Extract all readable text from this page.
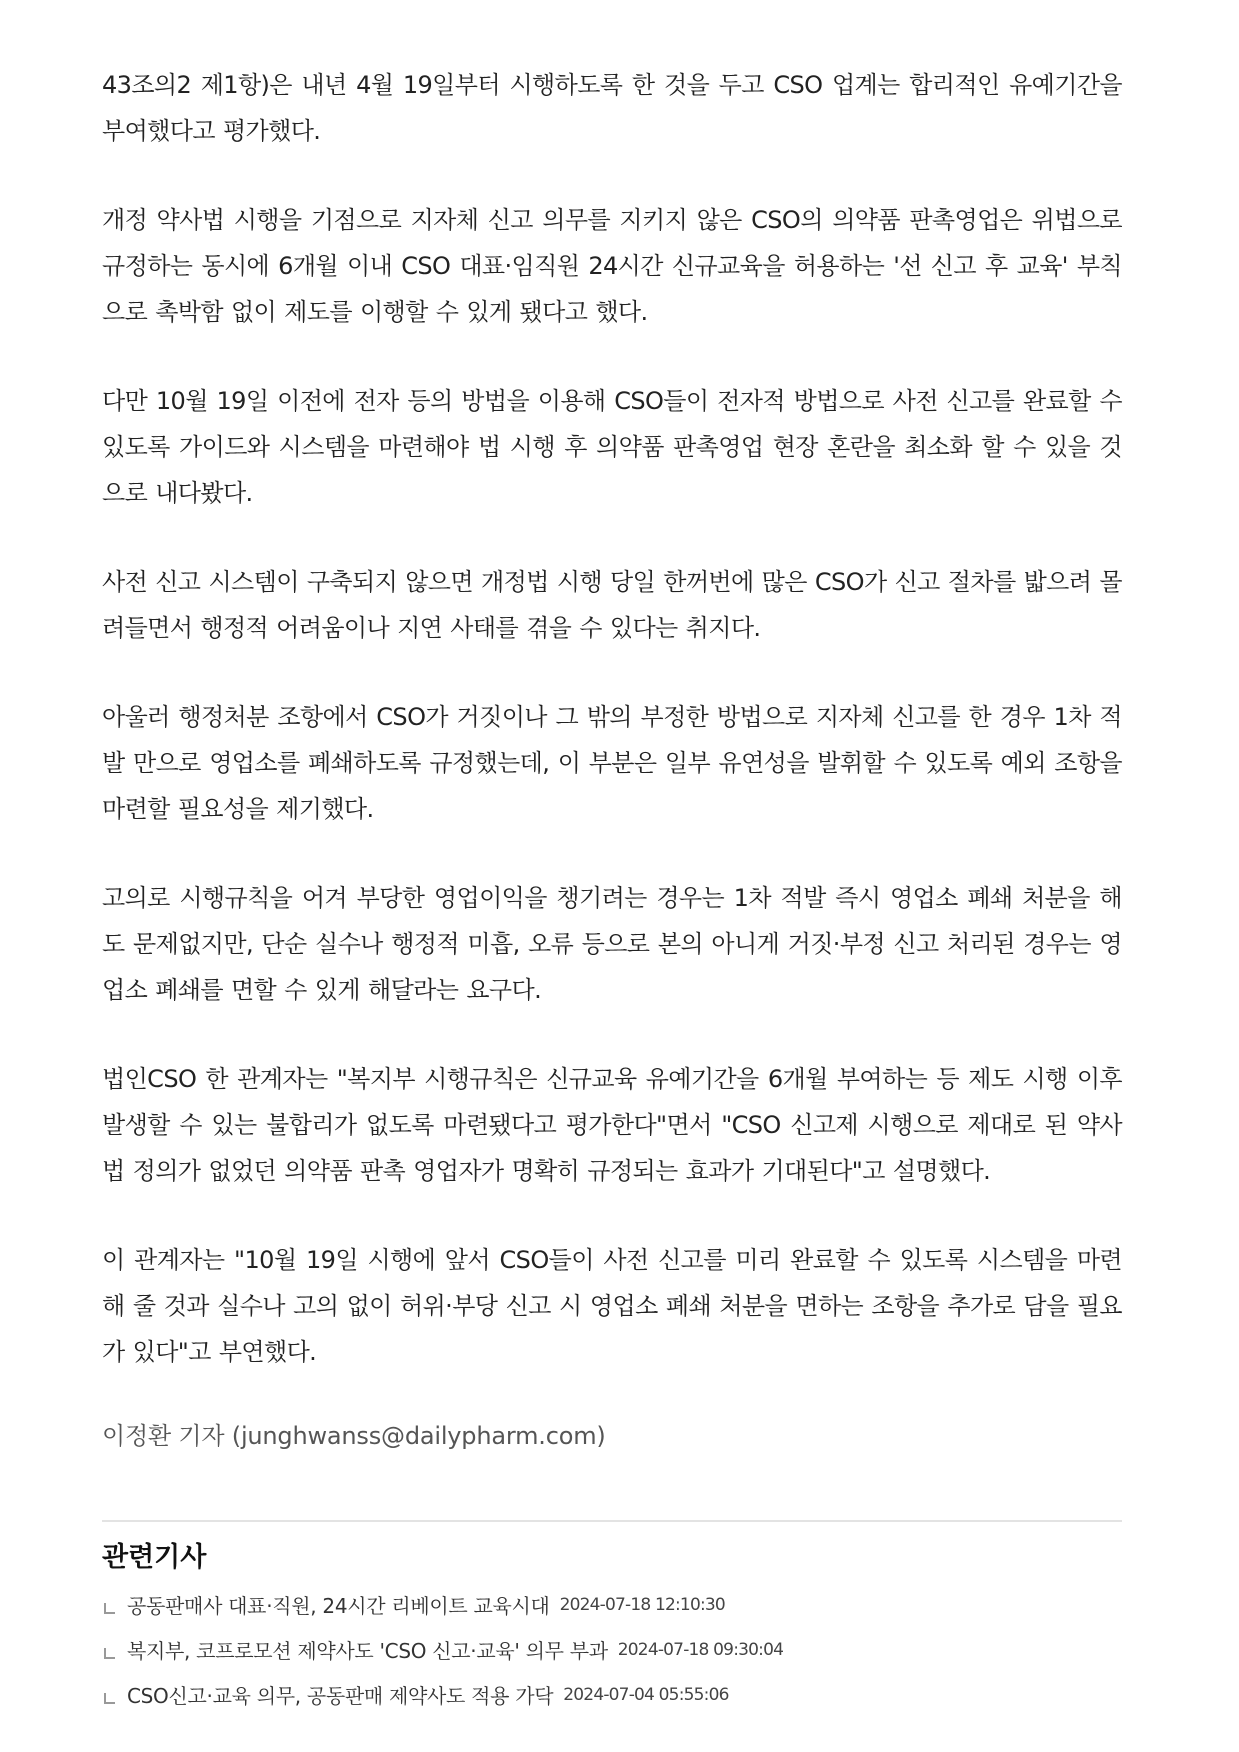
43조의2 제1항)은 내년 4월 19일부터 시행하도록 한 것을 두고 CSO 업계는 합리적인 유예기간을 부여했다고 평가했다.

개정 약사법 시행을 기점으로 지자체 신고 의무를 지키지 않은 CSO의 의약품 판촉영업은 위법으로 규정하는 동시에 6개월 이내 CSO 대표·임직원 24시간 신규교육을 허용하는 '선 신고 후 교육' 부칙으로 촉박함 없이 제도를 이행할 수 있게 됐다고 했다.

다만 10월 19일 이전에 전자 등의 방법을 이용해 CSO들이 전자적 방법으로 사전 신고를 완료할 수 있도록 가이드와 시스템을 마련해야 법 시행 후 의약품 판촉영업 현장 혼란을 최소화 할 수 있을 것으로 내다봤다.

사전 신고 시스템이 구축되지 않으면 개정법 시행 당일 한꺼번에 많은 CSO가 신고 절차를 밟으려 몰려들면서 행정적 어려움이나 지연 사태를 겪을 수 있다는 취지다.

아울러 행정처분 조항에서 CSO가 거짓이나 그 밖의 부정한 방법으로 지자체 신고를 한 경우 1차 적발 만으로 영업소를 폐쇄하도록 규정했는데, 이 부분은 일부 유연성을 발휘할 수 있도록 예외 조항을 마련할 필요성을 제기했다.

고의로 시행규칙을 어겨 부당한 영업이익을 챙기려는 경우는 1차 적발 즉시 영업소 폐쇄 처분을 해도 문제없지만, 단순 실수나 행정적 미흡, 오류 등으로 본의 아니게 거짓·부정 신고 처리된 경우는 영업소 폐쇄를 면할 수 있게 해달라는 요구다.

법인CSO 한 관계자는 "복지부 시행규칙은 신규교육 유예기간을 6개월 부여하는 등 제도 시행 이후 발생할 수 있는 불합리가 없도록 마련됐다고 평가한다"면서 "CSO 신고제 시행으로 제대로 된 약사법 정의가 없었던 의약품 판촉 영업자가 명확히 규정되는 효과가 기대된다"고 설명했다.

이 관계자는 "10월 19일 시행에 앞서 CSO들이 사전 신고를 미리 완료할 수 있도록 시스템을 마련해 줄 것과 실수나 고의 없이 허위·부당 신고 시 영업소 폐쇄 처분을 면하는 조항을 추가로 담을 필요가 있다"고 부연했다.

이정환 기자 (junghwanss@dailypharm.com)

관련기사
공동판매사 대표·직원, 24시간 리베이트 교육시대 2024-07-18 12:10:30
복지부, 코프로모션 제약사도 'CSO 신고·교육' 의무 부과 2024-07-18 09:30:04
CSO신고·교육 의무, 공동판매 제약사도 적용 가닥 2024-07-04 05:55:06
